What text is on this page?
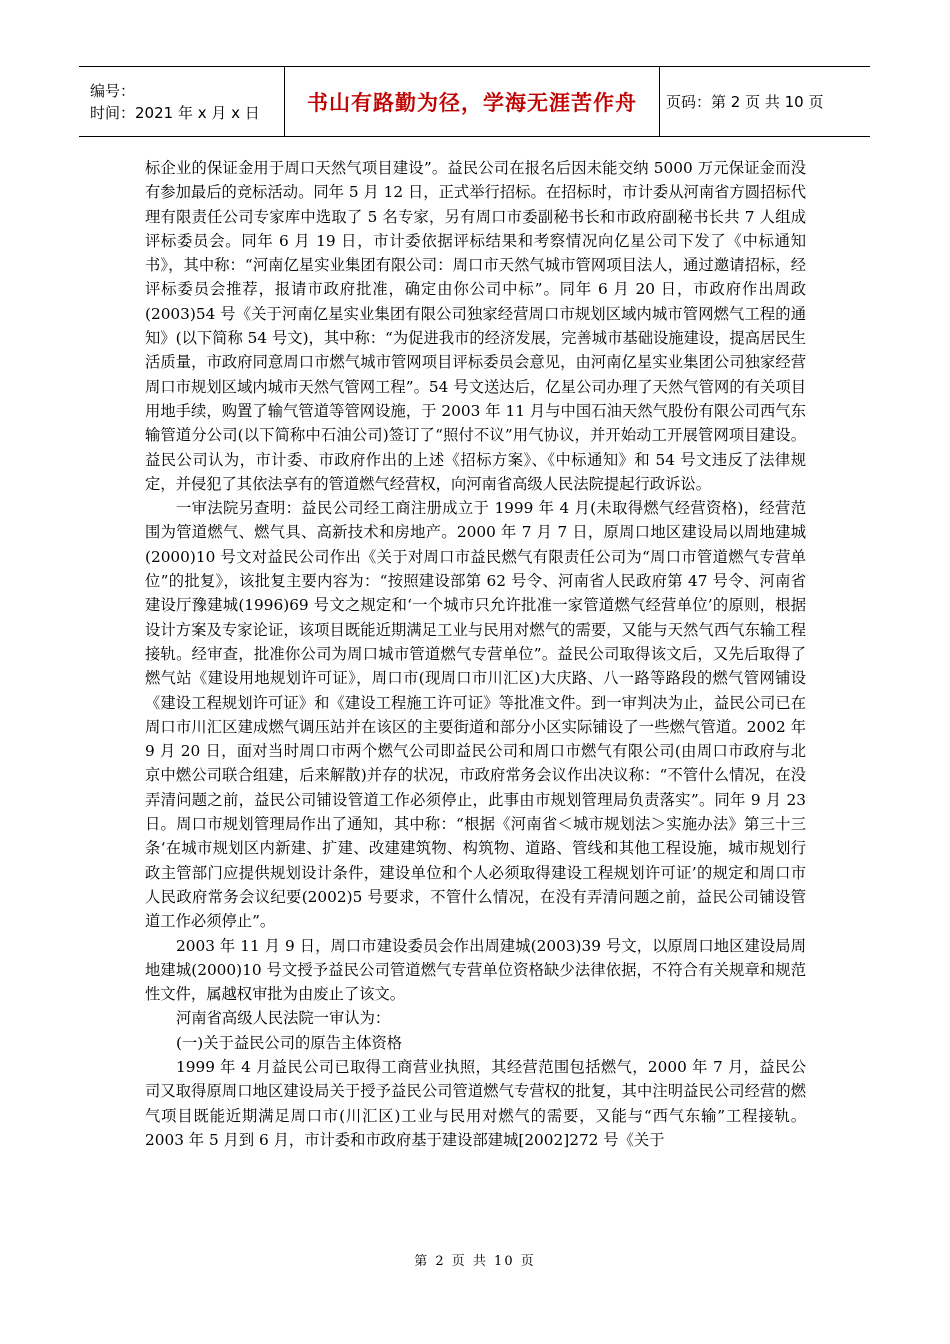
编号：
时间：2021 年 x 月 x 日	书山有路勤为径，学海无涯苦作舟 页码：第 2 页 共 10 页

标企业的保证金用于周口天然气项目建设”。益民公司在报名后因未能交纳 5000 万元保证金而没有参加最后的竞标活动。同年 5 月 12 日，正式举行招标。在招标时，市计委从河南省方圆招标代理有限责任公司专家库中选取了 5 名专家，另有周口市委副秘书长和市政府副秘书长共 7 人组成评标委员会。同年 6 月 19 日，市计委依据评标结果和考察情况向亿星公司下发了《中标通知书》，其中称：“河南亿星实业集团有限公司：周口市天然气城市管网项目法人，通过邀请招标，经评标委员会推荐，报请市政府批准，确定由你公司中标”。同年 6 月 20 日，市政府作出周政(2003)54 号《关于河南亿星实业集团有限公司独家经营周口市规划区域内城市管网燃气工程的通知》(以下简称 54 号文)，其中称：“为促进我市的经济发展，完善城市基础设施建设，提高居民生活质量，市政府同意周口市燃气城市管网项目评标委员会意见，由河南亿星实业集团公司独家经营周口市规划区域内城市天然气管网工程”。54 号文送达后，亿星公司办理了天然气管网的有关项目用地手续，购置了输气管道等管网设施，于 2003 年 11 月与中国石油天然气股份有限公司西气东输管道分公司(以下简称中石油公司)签订了“照付不议”用气协议，并开始动工开展管网项目建设。益民公司认为，市计委、市政府作出的上述《招标方案》、《中标通知》和 54 号文违反了法律规定，并侵犯了其依法享有的管道燃气经营权，向河南省高级人民法院提起行政诉讼。

一审法院另查明：益民公司经工商注册成立于 1999 年 4 月(未取得燃气经营资格)，经营范围为管道燃气、燃气具、高新技术和房地产。2000 年 7 月 7 日，原周口地区建设局以周地建城(2000)10 号文对益民公司作出《关于对周口市益民燃气有限责任公司为“周口市管道燃气专营单位”的批复》，该批复主要内容为：“按照建设部第 62 号令、河南省人民政府第 47 号令、河南省建设厅豫建城(1996)69 号文之规定和‘一个城市只允许批准一家管道燃气经营单位’的原则，根据设计方案及专家论证，该项目既能近期满足工业与民用对燃气的需要，又能与天然气西气东输工程接轨。经审查，批准你公司为周口城市管道燃气专营单位”。益民公司取得该文后，又先后取得了燃气站《建设用地规划许可证》，周口市(现周口市川汇区)大庆路、八一路等路段的燃气管网铺设《建设工程规划许可证》和《建设工程施工许可证》等批准文件。到一审判决为止，益民公司已在周口市川汇区建成燃气调压站并在该区的主要街道和部分小区实际铺设了一些燃气管道。2002 年 9 月 20 日，面对当时周口市两个燃气公司即益民公司和周口市燃气有限公司(由周口市政府与北京中燃公司联合组建，后来解散)并存的状况，市政府常务会议作出决议称：“不管什么情况，在没弄清问题之前，益民公司铺设管道工作必须停止，此事由市规划管理局负责落实”。同年 9 月 23 日。周口市规划管理局作出了通知，其中称：“根据《河南省＜城市规划法＞实施办法》第三十三条‘在城市规划区内新建、扩建、改建建筑物、构筑物、道路、管线和其他工程设施，城市规划行政主管部门应提供规划设计条件，建设单位和个人必须取得建设工程规划许可证’的规定和周口市人民政府常务会议纪要(2002)5 号要求，不管什么情况，在没有弄清问题之前，益民公司铺设管道工作必须停止”。

2003 年 11 月 9 日，周口市建设委员会作出周建城(2003)39 号文，以原周口地区建设局周地建城(2000)10 号文授予益民公司管道燃气专营单位资格缺少法律依据，不符合有关规章和规范性文件，属越权审批为由废止了该文。

河南省高级人民法院一审认为：

(一)关于益民公司的原告主体资格

1999 年 4 月益民公司已取得工商营业执照，其经营范围包括燃气，2000 年 7 月，益民公司又取得原周口地区建设局关于授予益民公司管道燃气专营权的批复，其中注明益民公司经营的燃气项目既能近期满足周口市(川汇区)工业与民用对燃气的需要，又能与“西气东输”工程接轨。2003 年 5 月到 6 月，市计委和市政府基于建设部建城[2002]272 号《关于

第 2 页 共 10 页
